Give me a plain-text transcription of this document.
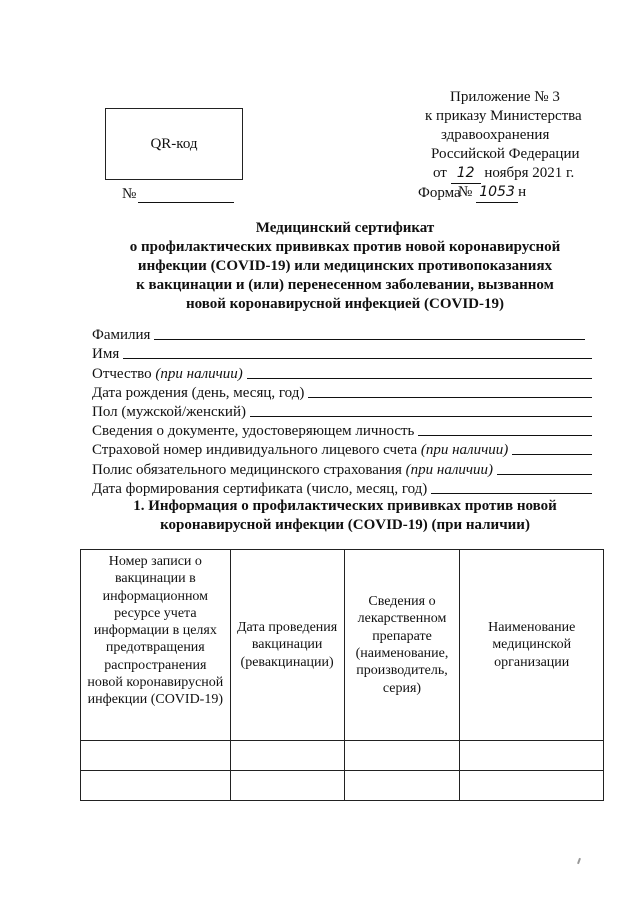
Приложение № 3
к приказу Министерства
здравоохранения
Российской Федерации
от 12 ноября 2021 г.
№ 1053 н
QR-код
№	Форма
Медицинский сертификат
о профилактических прививках против новой коронавирусной
инфекции (COVID-19) или медицинских противопоказаниях
к вакцинации и (или) перенесенном заболевании, вызванном
новой коронавирусной инфекцией (COVID-19)
Фамилия
Имя
Отчество
(при наличии)
Дата рождения (день, месяц, год)
Пол (мужской/женский)
Сведения о документе, удостоверяющем личность
Страховой номер индивидуального лицевого счета
(при наличии)
Полис обязательного медицинского страхования
(при наличии)
Дата формирования сертификата (число, месяц, год)
1. Информация о профилактических прививках против новой
коронавирусной инфекции (COVID-19) (при наличии)
Номер записи о вакцинации в информационном ресурсе учета информации в целях предотвращения распространения новой коронавирусной инфекции (COVID-19)	Дата проведения вакцинации (ревакцинации)	Сведения о лекарственном препарате (наименование, производитель, серия)	Наименование медицинской организации
